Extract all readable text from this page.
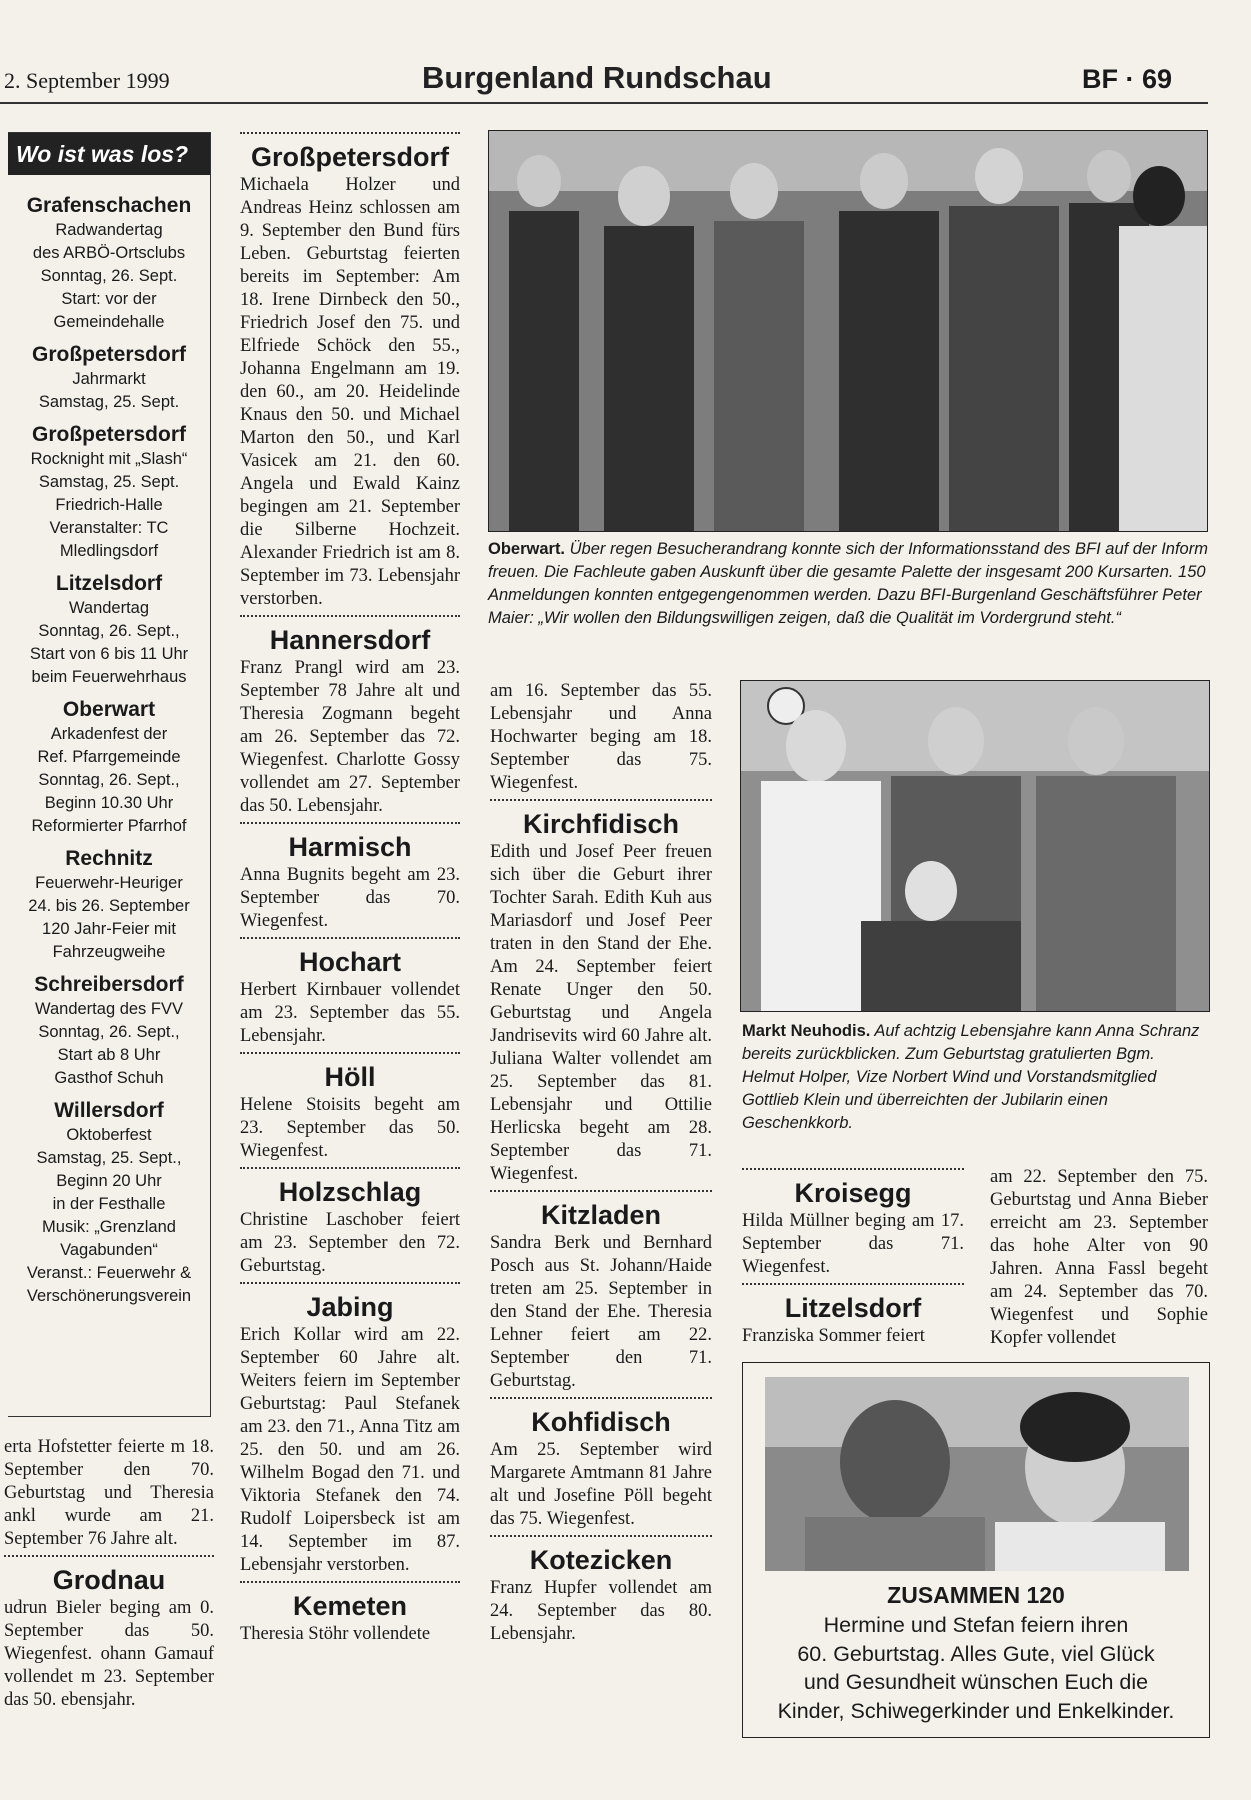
2. September 1999	Burgenland Rundschau	BF · 69
Wo ist was los?
Grafenschachen
Radwandertag
des ARBÖ-Ortsclubs
Sonntag, 26. Sept.
Start: vor der
Gemeindehalle
Großpetersdorf
Jahrmarkt
Samstag, 25. Sept.
Großpetersdorf
Rocknight mit „Slash“
Samstag, 25. Sept.
Friedrich-Halle
Veranstalter: TC
Mledlingsdorf
Litzelsdorf
Wandertag
Sonntag, 26. Sept.,
Start von 6 bis 11 Uhr
beim Feuerwehrhaus
Oberwart
Arkadenfest der
Ref. Pfarrgemeinde
Sonntag, 26. Sept.,
Beginn 10.30 Uhr
Reformierter Pfarrhof
Rechnitz
Feuerwehr-Heuriger
24. bis 26. September
120 Jahr-Feier mit
Fahrzeugweihe
Schreibersdorf
Wandertag des FVV
Sonntag, 26. Sept.,
Start ab 8 Uhr
Gasthof Schuh
Willersdorf
Oktoberfest
Samstag, 25. Sept.,
Beginn 20 Uhr
in der Festhalle
Musik: „Grenzland
Vagabunden“
Veranst.: Feuerwehr &
Verschönerungsverein

erta Hofstetter feierte m 18. September den 70. Geburtstag und Theresia ankl wurde am 21. September 76 Jahre alt.

Grodnau

udrun Bieler beging am 0. September das 50. Wiegenfest. ohann Gamauf vollendet m 23. September das 50. ebensjahr.

Großpetersdorf

Michaela Holzer und Andreas Heinz schlossen am 9. September den Bund fürs Leben. Geburtstag feierten bereits im September: Am 18. Irene Dirnbeck den 50., Friedrich Josef den 75. und Elfriede Schöck den 55., Johanna Engelmann am 19. den 60., am 20. Heidelinde Knaus den 50. und Michael Marton den 50., und Karl Vasicek am 21. den 60. Angela und Ewald Kainz begingen am 21. September die Silberne Hochzeit. Alexander Friedrich ist am 8. September im 73. Lebensjahr verstorben.

Hannersdorf

Franz Prangl wird am 23. September 78 Jahre alt und Theresia Zogmann begeht am 26. September das 72. Wiegenfest. Charlotte Gossy vollendet am 27. September das 50. Lebensjahr.

Harmisch

Anna Bugnits begeht am 23. September das 70. Wiegenfest.

Hochart

Herbert Kirnbauer vollendet am 23. September das 55. Lebensjahr.

Höll

Helene Stoisits begeht am 23. September das 50. Wiegenfest.

Holzschlag

Christine Laschober feiert am 23. September den 72. Geburtstag.

Jabing

Erich Kollar wird am 22. September 60 Jahre alt. Weiters feiern im September Geburtstag: Paul Stefanek am 23. den 71., Anna Titz am 25. den 50. und am 26. Wilhelm Bogad den 71. und Viktoria Stefanek den 74. Rudolf Loipersbeck ist am 14. September im 87. Lebensjahr verstorben.

Kemeten

Theresia Stöhr vollendete

Oberwart. Über regen Besucherandrang konnte sich der Informationsstand des BFI auf der Inform freuen. Die Fachleute gaben Auskunft über die gesamte Palette der insgesamt 200 Kursarten. 150 Anmeldungen konnten entgegengenommen werden. Dazu BFI-Burgenland Geschäftsführer Peter Maier: „Wir wollen den Bildungswilligen zeigen, daß die Qualität im Vordergrund steht.“

am 16. September das 55. Lebensjahr und Anna Hochwarter beging am 18. September das 75. Wiegenfest.

Kirchfidisch

Edith und Josef Peer freuen sich über die Geburt ihrer Tochter Sarah. Edith Kuh aus Mariasdorf und Josef Peer traten in den Stand der Ehe. Am 24. September feiert Renate Unger den 50. Geburtstag und Angela Jandrisevits wird 60 Jahre alt. Juliana Walter vollendet am 25. September das 81. Lebensjahr und Ottilie Herlicska begeht am 28. September das 71. Wiegenfest.

Kitzladen

Sandra Berk und Bernhard Posch aus St. Johann/Haide treten am 25. September in den Stand der Ehe. Theresia Lehner feiert am 22. September den 71. Geburtstag.

Kohfidisch

Am 25. September wird Margarete Amtmann 81 Jahre alt und Josefine Pöll begeht das 75. Wiegenfest.

Kotezicken

Franz Hupfer vollendet am 24. September das 80. Lebensjahr.

Markt Neuhodis. Auf achtzig Lebensjahre kann Anna Schranz bereits zurückblicken. Zum Geburtstag gratulierten Bgm. Helmut Holper, Vize Norbert Wind und Vorstandsmitglied Gottlieb Klein und überreichten der Jubilarin einen Geschenkkorb.
Kroisegg

Hilda Müllner beging am 17. September das 71. Wiegenfest.

Litzelsdorf

Franziska Sommer feiert

am 22. September den 75. Geburtstag und Anna Bieber erreicht am 23. September das hohe Alter von 90 Jahren. Anna Fassl begeht am 24. September das 70. Wiegenfest und Sophie Kopfer vollendet

ZUSAMMEN 120
Hermine und Stefan feiern ihren
60. Geburtstag. Alles Gute, viel Glück
und Gesundheit wünschen Euch die
Kinder, Schiwegerkinder und Enkelkinder.
